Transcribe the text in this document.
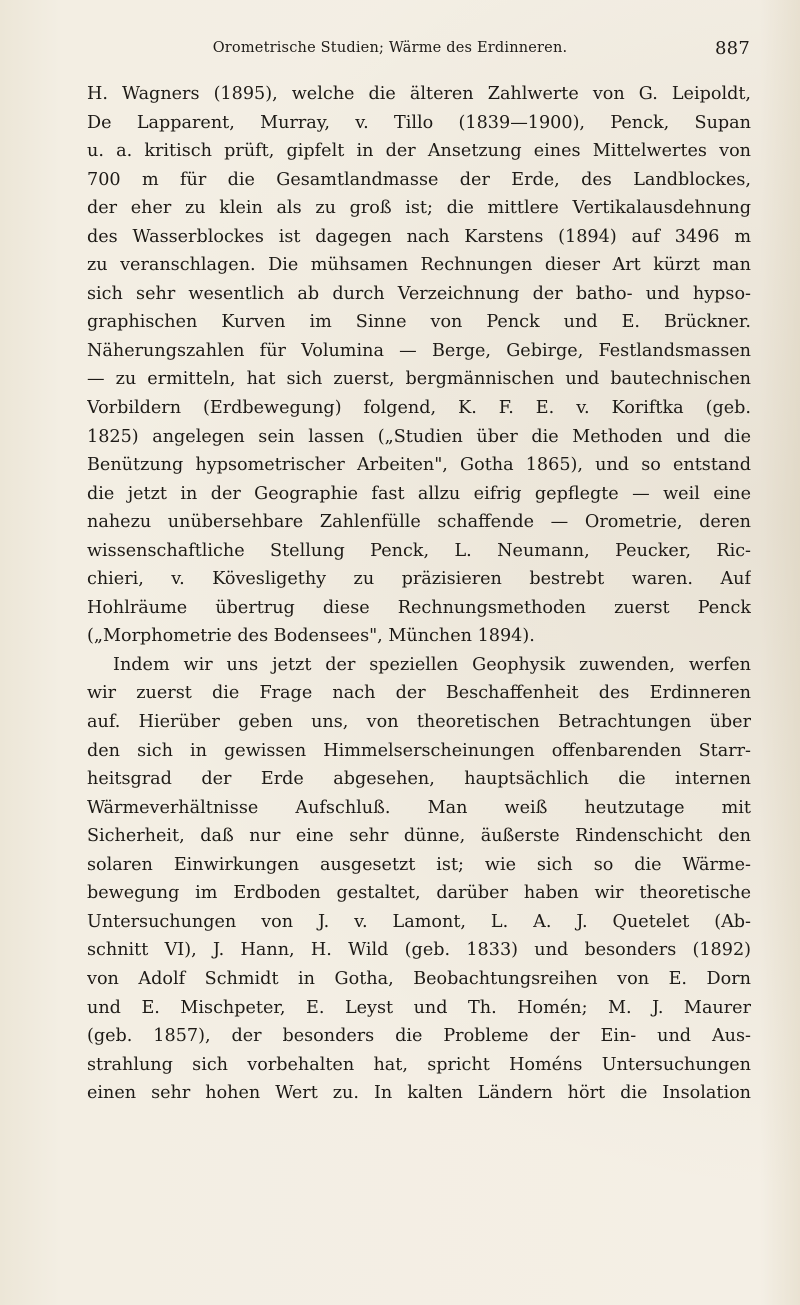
Orometrische Studien; Wärme des Erdinneren.	887
H. Wagners (1895), welche die älteren Zahlwerte von G. Leipoldt,
De Lapparent, Murray, v. Tillo (1839—1900), Penck, Supan
u. a. kritisch prüft, gipfelt in der Ansetzung eines Mittelwertes von
700 m für die Gesamtlandmasse der Erde, des Landblockes,
der eher zu klein als zu groß ist; die mittlere Vertikalausdehnung
des Wasserblockes ist dagegen nach Karstens (1894) auf 3496 m
zu veranschlagen. Die mühsamen Rechnungen dieser Art kürzt man
sich sehr wesentlich ab durch Verzeichnung der batho- und hypso-
graphischen Kurven im Sinne von Penck und E. Brückner.
Näherungszahlen für Volumina — Berge, Gebirge, Festlandsmassen
— zu ermitteln, hat sich zuerst, bergmännischen und bautechnischen
Vorbildern (Erdbewegung) folgend, K. F. E. v. Koriftka (geb.
1825) angelegen sein lassen („Studien über die Methoden und die
Benützung hypsometrischer Arbeiten", Gotha 1865), und so entstand
die jetzt in der Geographie fast allzu eifrig gepflegte — weil eine
nahezu unübersehbare Zahlenfülle schaffende — Orometrie, deren
wissenschaftliche Stellung Penck, L. Neumann, Peucker, Ric-
chieri, v. Kövesligethy zu präzisieren bestrebt waren. Auf
Hohlräume übertrug diese Rechnungsmethoden zuerst Penck
(„Morphometrie des Bodensees", München 1894).
Indem wir uns jetzt der speziellen Geophysik zuwenden, werfen
wir zuerst die Frage nach der Beschaffenheit des Erdinneren
auf. Hierüber geben uns, von theoretischen Betrachtungen über
den sich in gewissen Himmelserscheinungen offenbarenden Starr-
heitsgrad der Erde abgesehen, hauptsächlich die internen
Wärmeverhältnisse Aufschluß. Man weiß heutzutage mit
Sicherheit, daß nur eine sehr dünne, äußerste Rindenschicht den
solaren Einwirkungen ausgesetzt ist; wie sich so die Wärme-
bewegung im Erdboden gestaltet, darüber haben wir theoretische
Untersuchungen von J. v. Lamont, L. A. J. Quetelet (Ab-
schnitt VI), J. Hann, H. Wild (geb. 1833) und besonders (1892)
von Adolf Schmidt in Gotha, Beobachtungsreihen von E. Dorn
und E. Mischpeter, E. Leyst und Th. Homén; M. J. Maurer
(geb. 1857), der besonders die Probleme der Ein- und Aus-
strahlung sich vorbehalten hat, spricht Homéns Untersuchungen
einen sehr hohen Wert zu. In kalten Ländern hört die Insolation
